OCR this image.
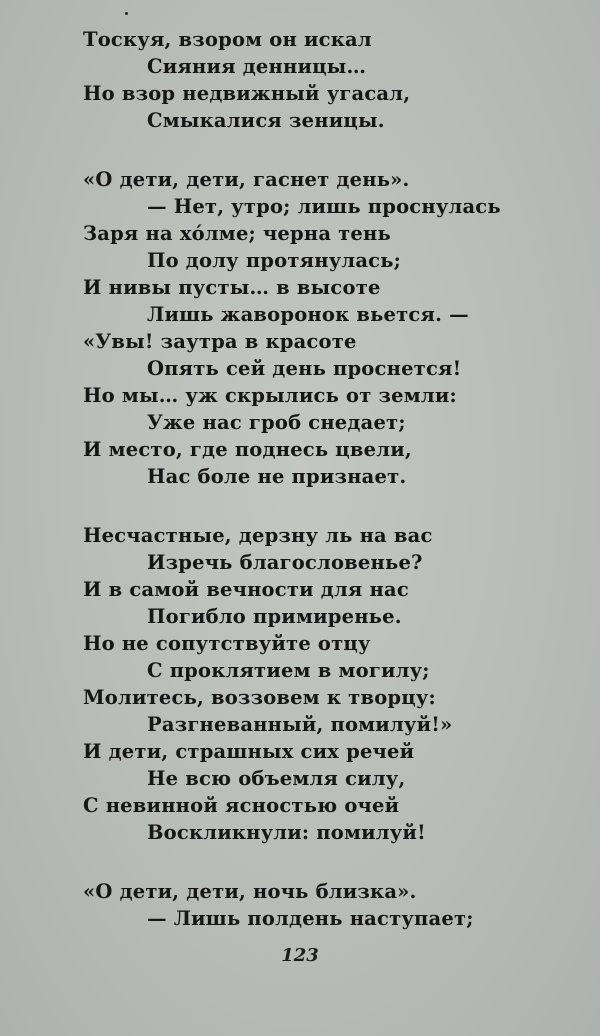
Тоскуя, взором он искал
Сияния денницы…
Но взор недвижный угасал,
Смыкалися зеницы.
«О дети, дети, гаснет день».
— Нет, утро; лишь проснулась
Заря на хо́лме; черна тень
По долу протянулась;
И нивы пусты… в высоте
Лишь жаворонок вьется. —
«Увы! заутра в красоте
Опять сей день проснется!
Но мы… уж скрылись от земли:
Уже нас гроб снедает;
И место, где поднесь цвели,
Нас боле не признает.
Несчастные, дерзну ль на вас
Изречь благословенье?
И в самой вечности для нас
Погибло примиренье.
Но не сопутствуйте отцу
С проклятием в могилу;
Молитесь, воззовем к творцу:
Разгневанный, помилуй!»
И дети, страшных сих речей
Не всю объемля силу,
С невинной ясностью очей
Воскликнули: помилуй!
«О дети, дети, ночь близка».
— Лишь полдень наступает;
123
